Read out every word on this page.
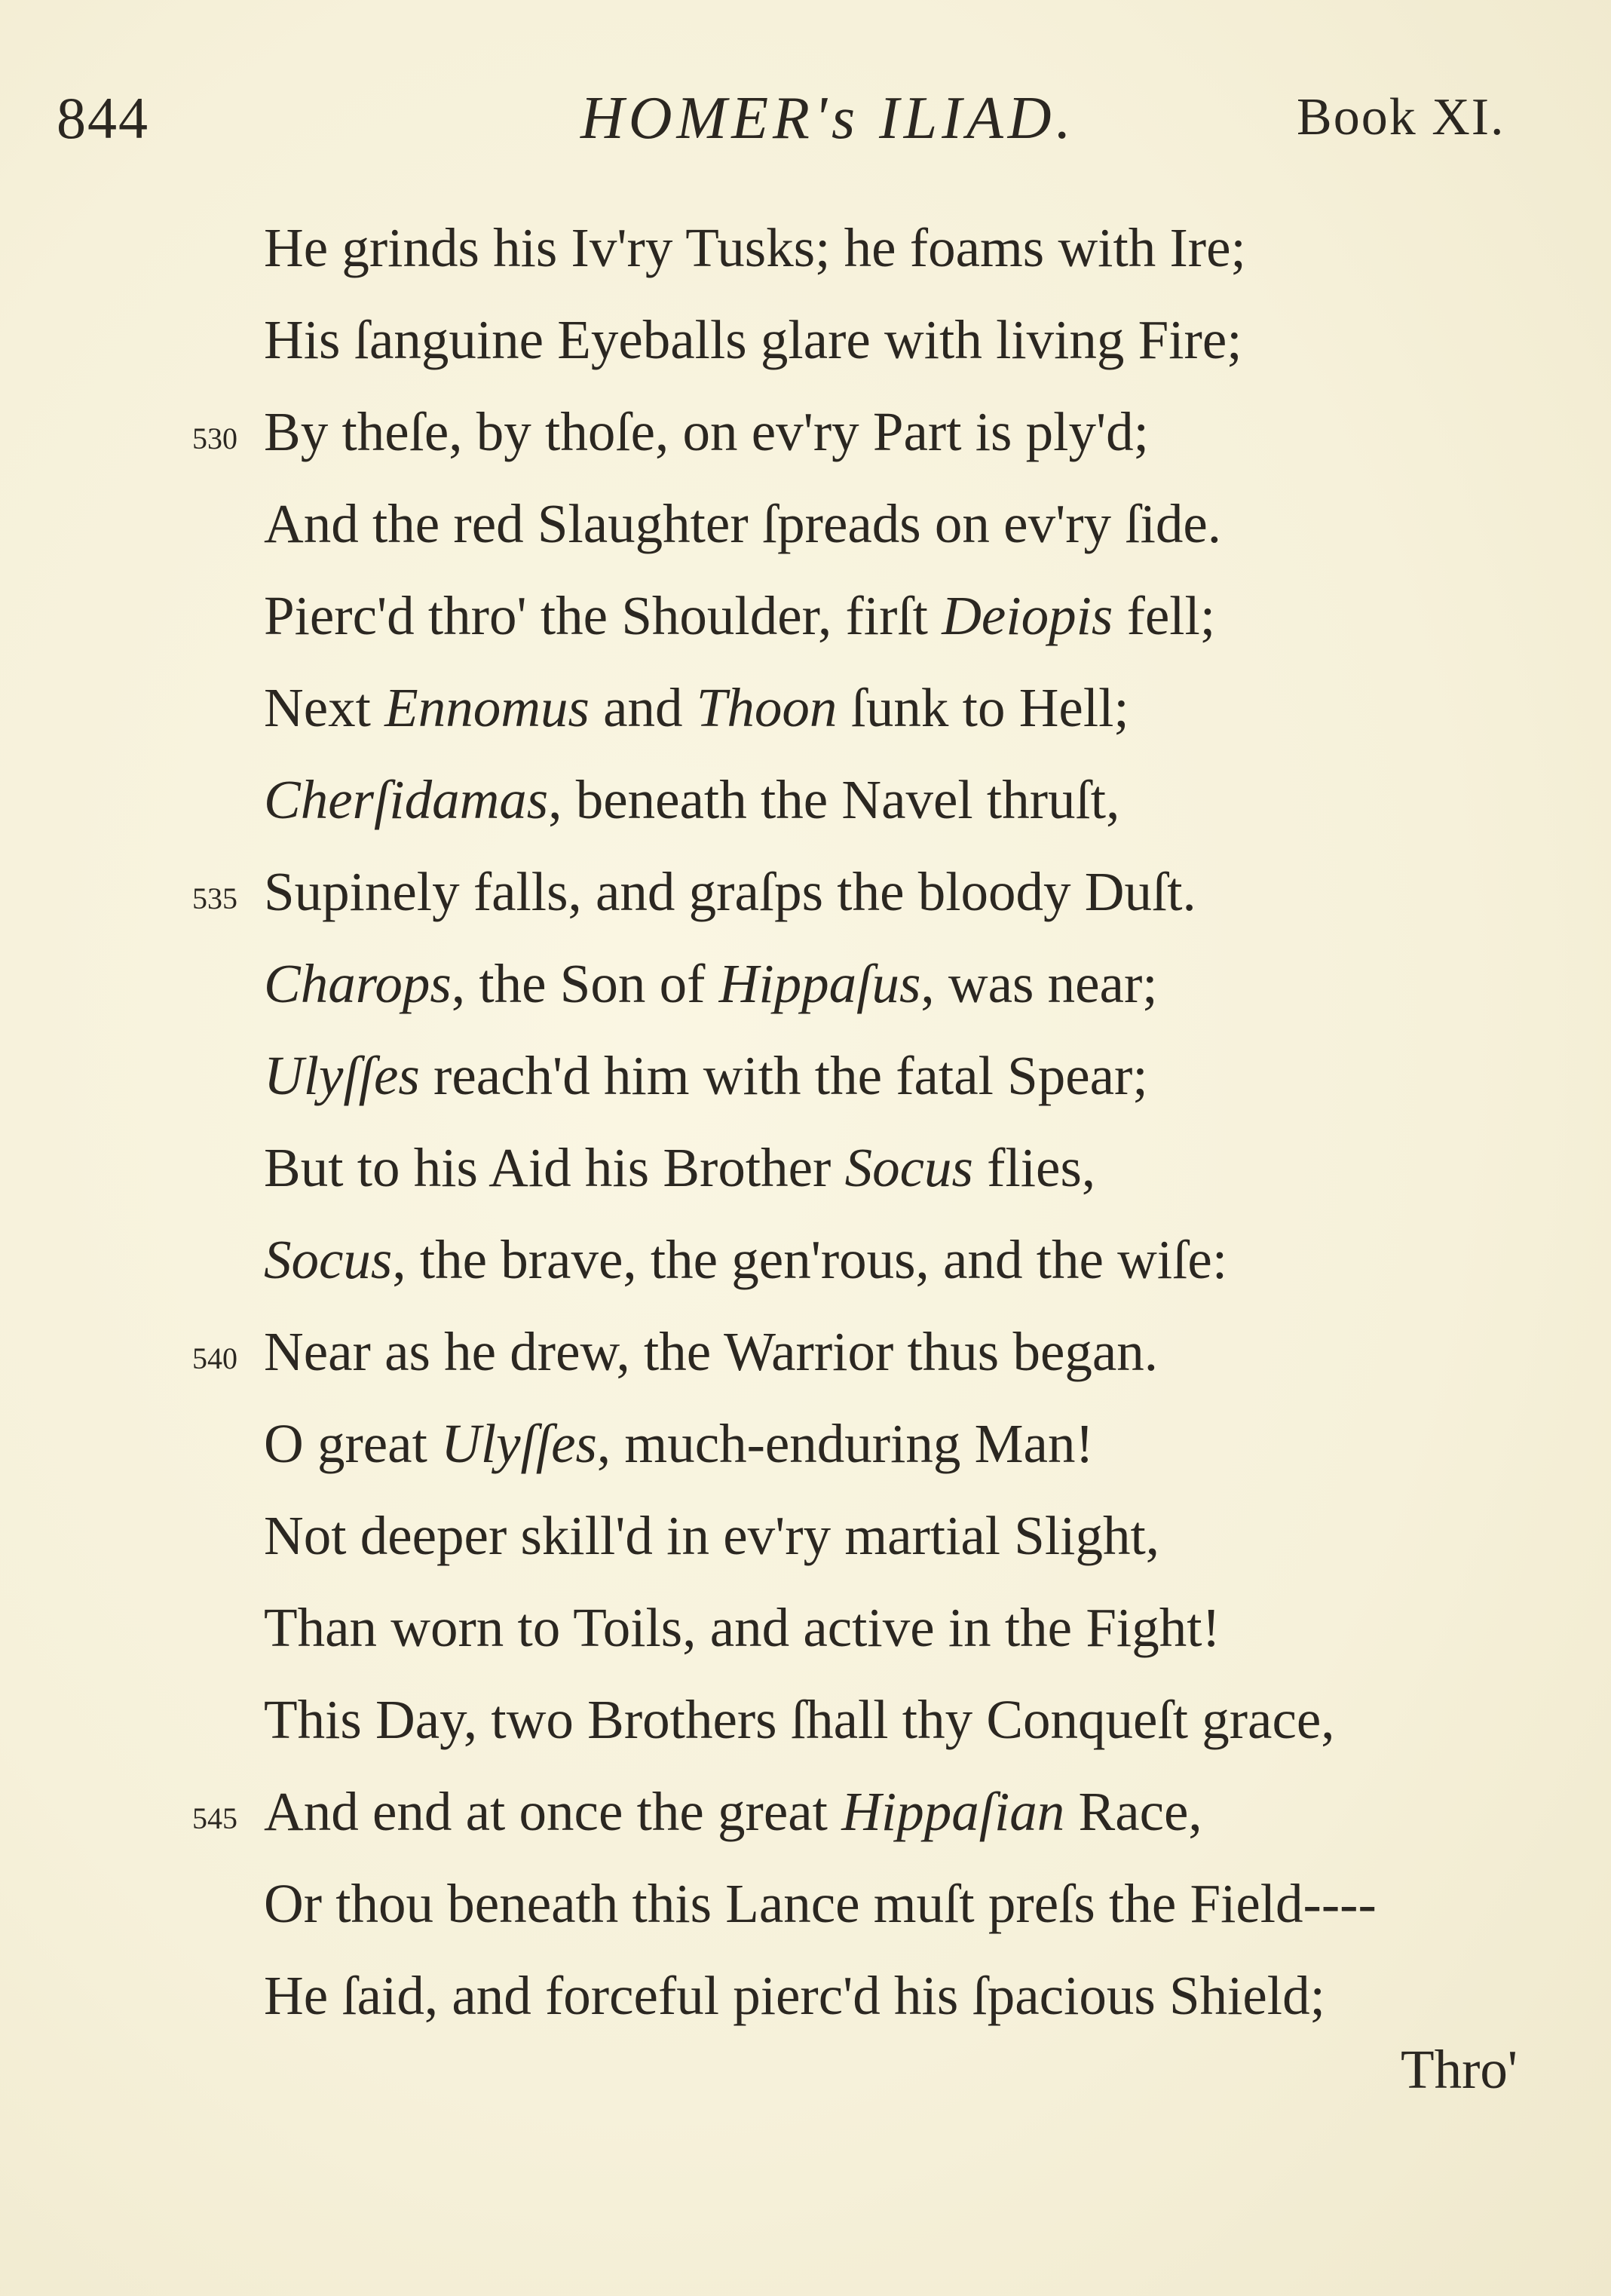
844	HOMER's ILIAD.	Book XI.
He grinds his Iv'ry Tusks; he foams with Ire;
His ſanguine Eyeballs glare with living Fire;
By theſe, by thoſe, on ev'ry Part is ply'd;
530
And the red Slaughter ſpreads on ev'ry ſide.
Pierc'd thro' the Shoulder, firſt Deiopis fell;
Next Ennomus and Thoon ſunk to Hell;
Cherſidamas, beneath the Navel thruſt,
Supinely falls, and graſps the bloody Duſt.
535
Charops, the Son of Hippaſus, was near;
Ulyſſes reach'd him with the fatal Spear;
But to his Aid his Brother Socus flies,
Socus, the brave, the gen'rous, and the wiſe:
Near as he drew, the Warrior thus began.
540
O great Ulyſſes, much-enduring Man!
Not deeper skill'd in ev'ry martial Slight,
Than worn to Toils, and active in the Fight!
This Day, two Brothers ſhall thy Conqueſt grace,
And end at once the great Hippaſian Race,
545
Or thou beneath this Lance muſt preſs the Field----
He ſaid, and forceful pierc'd his ſpacious Shield;
Thro'
